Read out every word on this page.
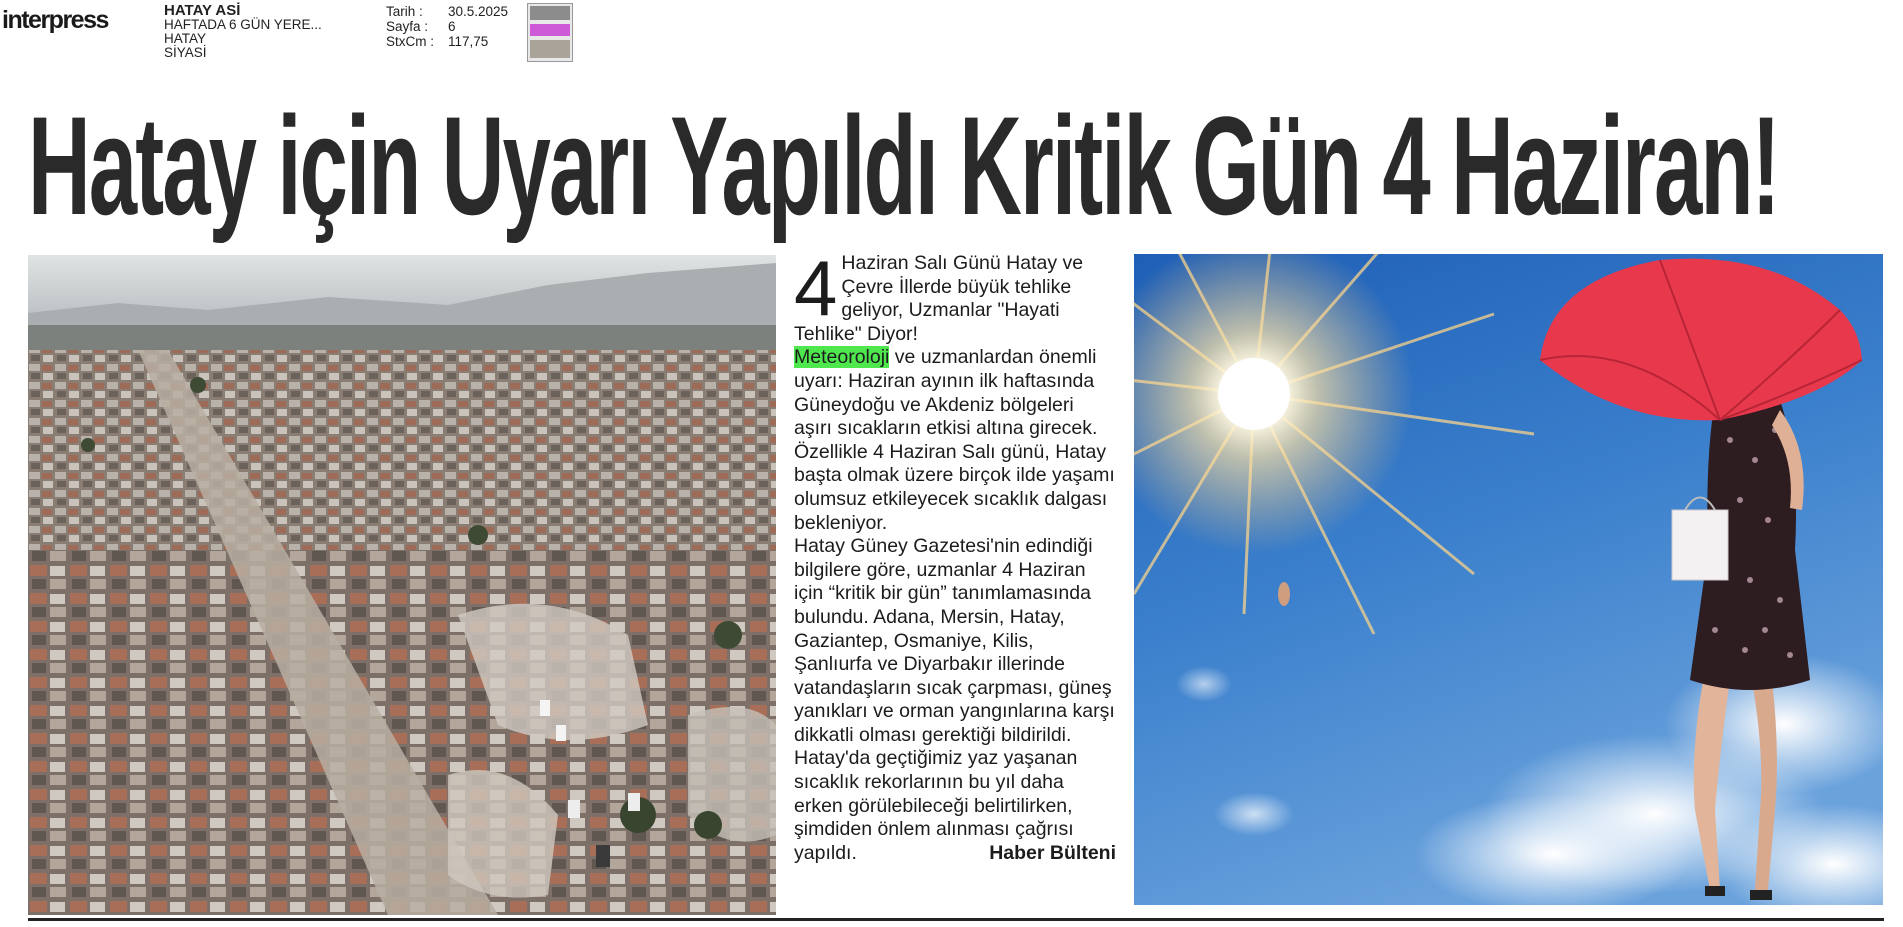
interpress	HATAY ASİ
HAFTADA 6 GÜN YERE...
HATAY
SİYASİ
Tarih :	30.5.2025
Sayfa :	6
StxCm :	117,75
Hatay için Uyarı Yapıldı Kritik Gün 4 Haziran!
4 Haziran Salı Günü Hatay ve Çevre İllerde büyük tehlike geliyor, Uzmanlar "Hayati Tehlike" Diyor!
Meteoroloji ve uzmanlardan önemli uyarı: Haziran ayının ilk haftasında Güneydoğu ve Akdeniz bölgeleri aşırı sıcakların etkisi altına girecek. Özellikle 4 Haziran Salı günü, Hatay başta olmak üzere birçok ilde yaşamı olumsuz etkileyecek sıcaklık dalgası bekleniyor.
Hatay Güney Gazetesi'nin edindiği bilgilere göre, uzmanlar 4 Haziran için “kritik bir gün” tanımlamasında bulundu. Adana, Mersin, Hatay, Gaziantep, Osmaniye, Kilis, Şanlıurfa ve Diyarbakır illerinde vatandaşların sıcak çarpması, güneş yanıkları ve orman yangınlarına karşı dikkatli olması gerektiği bildirildi.
Hatay'da geçtiğimiz yaz yaşanan sıcaklık rekorlarının bu yıl daha erken görülebileceği belirtilirken, şimdiden önlem alınması çağrısı yapıldı.	Haber Bülteni
